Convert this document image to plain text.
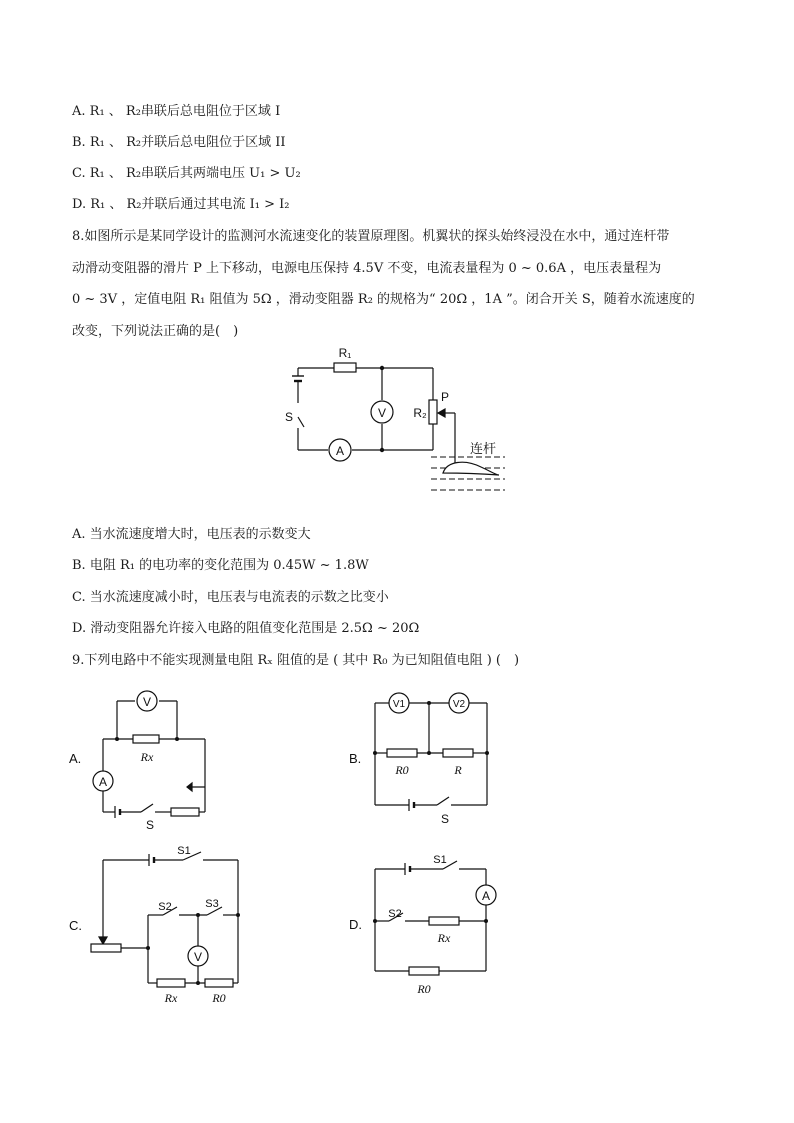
A. R₁ 、 R₂串联后总电阻位于区域 I
B. R₁ 、 R₂并联后总电阻位于区域 II
C. R₁ 、 R₂串联后其两端电压 U₁ > U₂
D. R₁ 、 R₂并联后通过其电流 I₁ > I₂
8.如图所示是某同学设计的监测河水流速变化的装置原理图。机翼状的探头始终浸没在水中，通过连杆带
动滑动变阻器的滑片 P 上下移动，电源电压保持 4.5V 不变，电流表量程为 0 ~ 0.6A ，电压表量程为
0 ~ 3V ，定值电阻 R₁ 阻值为 5Ω ，滑动变阻器 R₂ 的规格为“ 20Ω ，1A ”。闭合开关 S，随着水流速度的
改变，下列说法正确的是(　)
V
A
R₁
P
R₂
S
连杆
A. 当水流速度增大时，电压表的示数变大
B. 电阻 R₁ 的电功率的变化范围为 0.45W ~ 1.8W
C. 当水流速度减小时，电压表与电流表的示数之比变小
D. 滑动变阻器允许接入电路的阻值变化范围是 2.5Ω ~ 20Ω
9.下列电路中不能实现测量电阻 Rₓ 阻值的是 ( 其中 R₀ 为已知阻值电阻 ) (　)
A.
V
A
Rx
S
B.
V1	V2
R0	R
S
C.
V
S1
S2	S3
Rx	R0
D.
A
S1
S2
Rx
R0
